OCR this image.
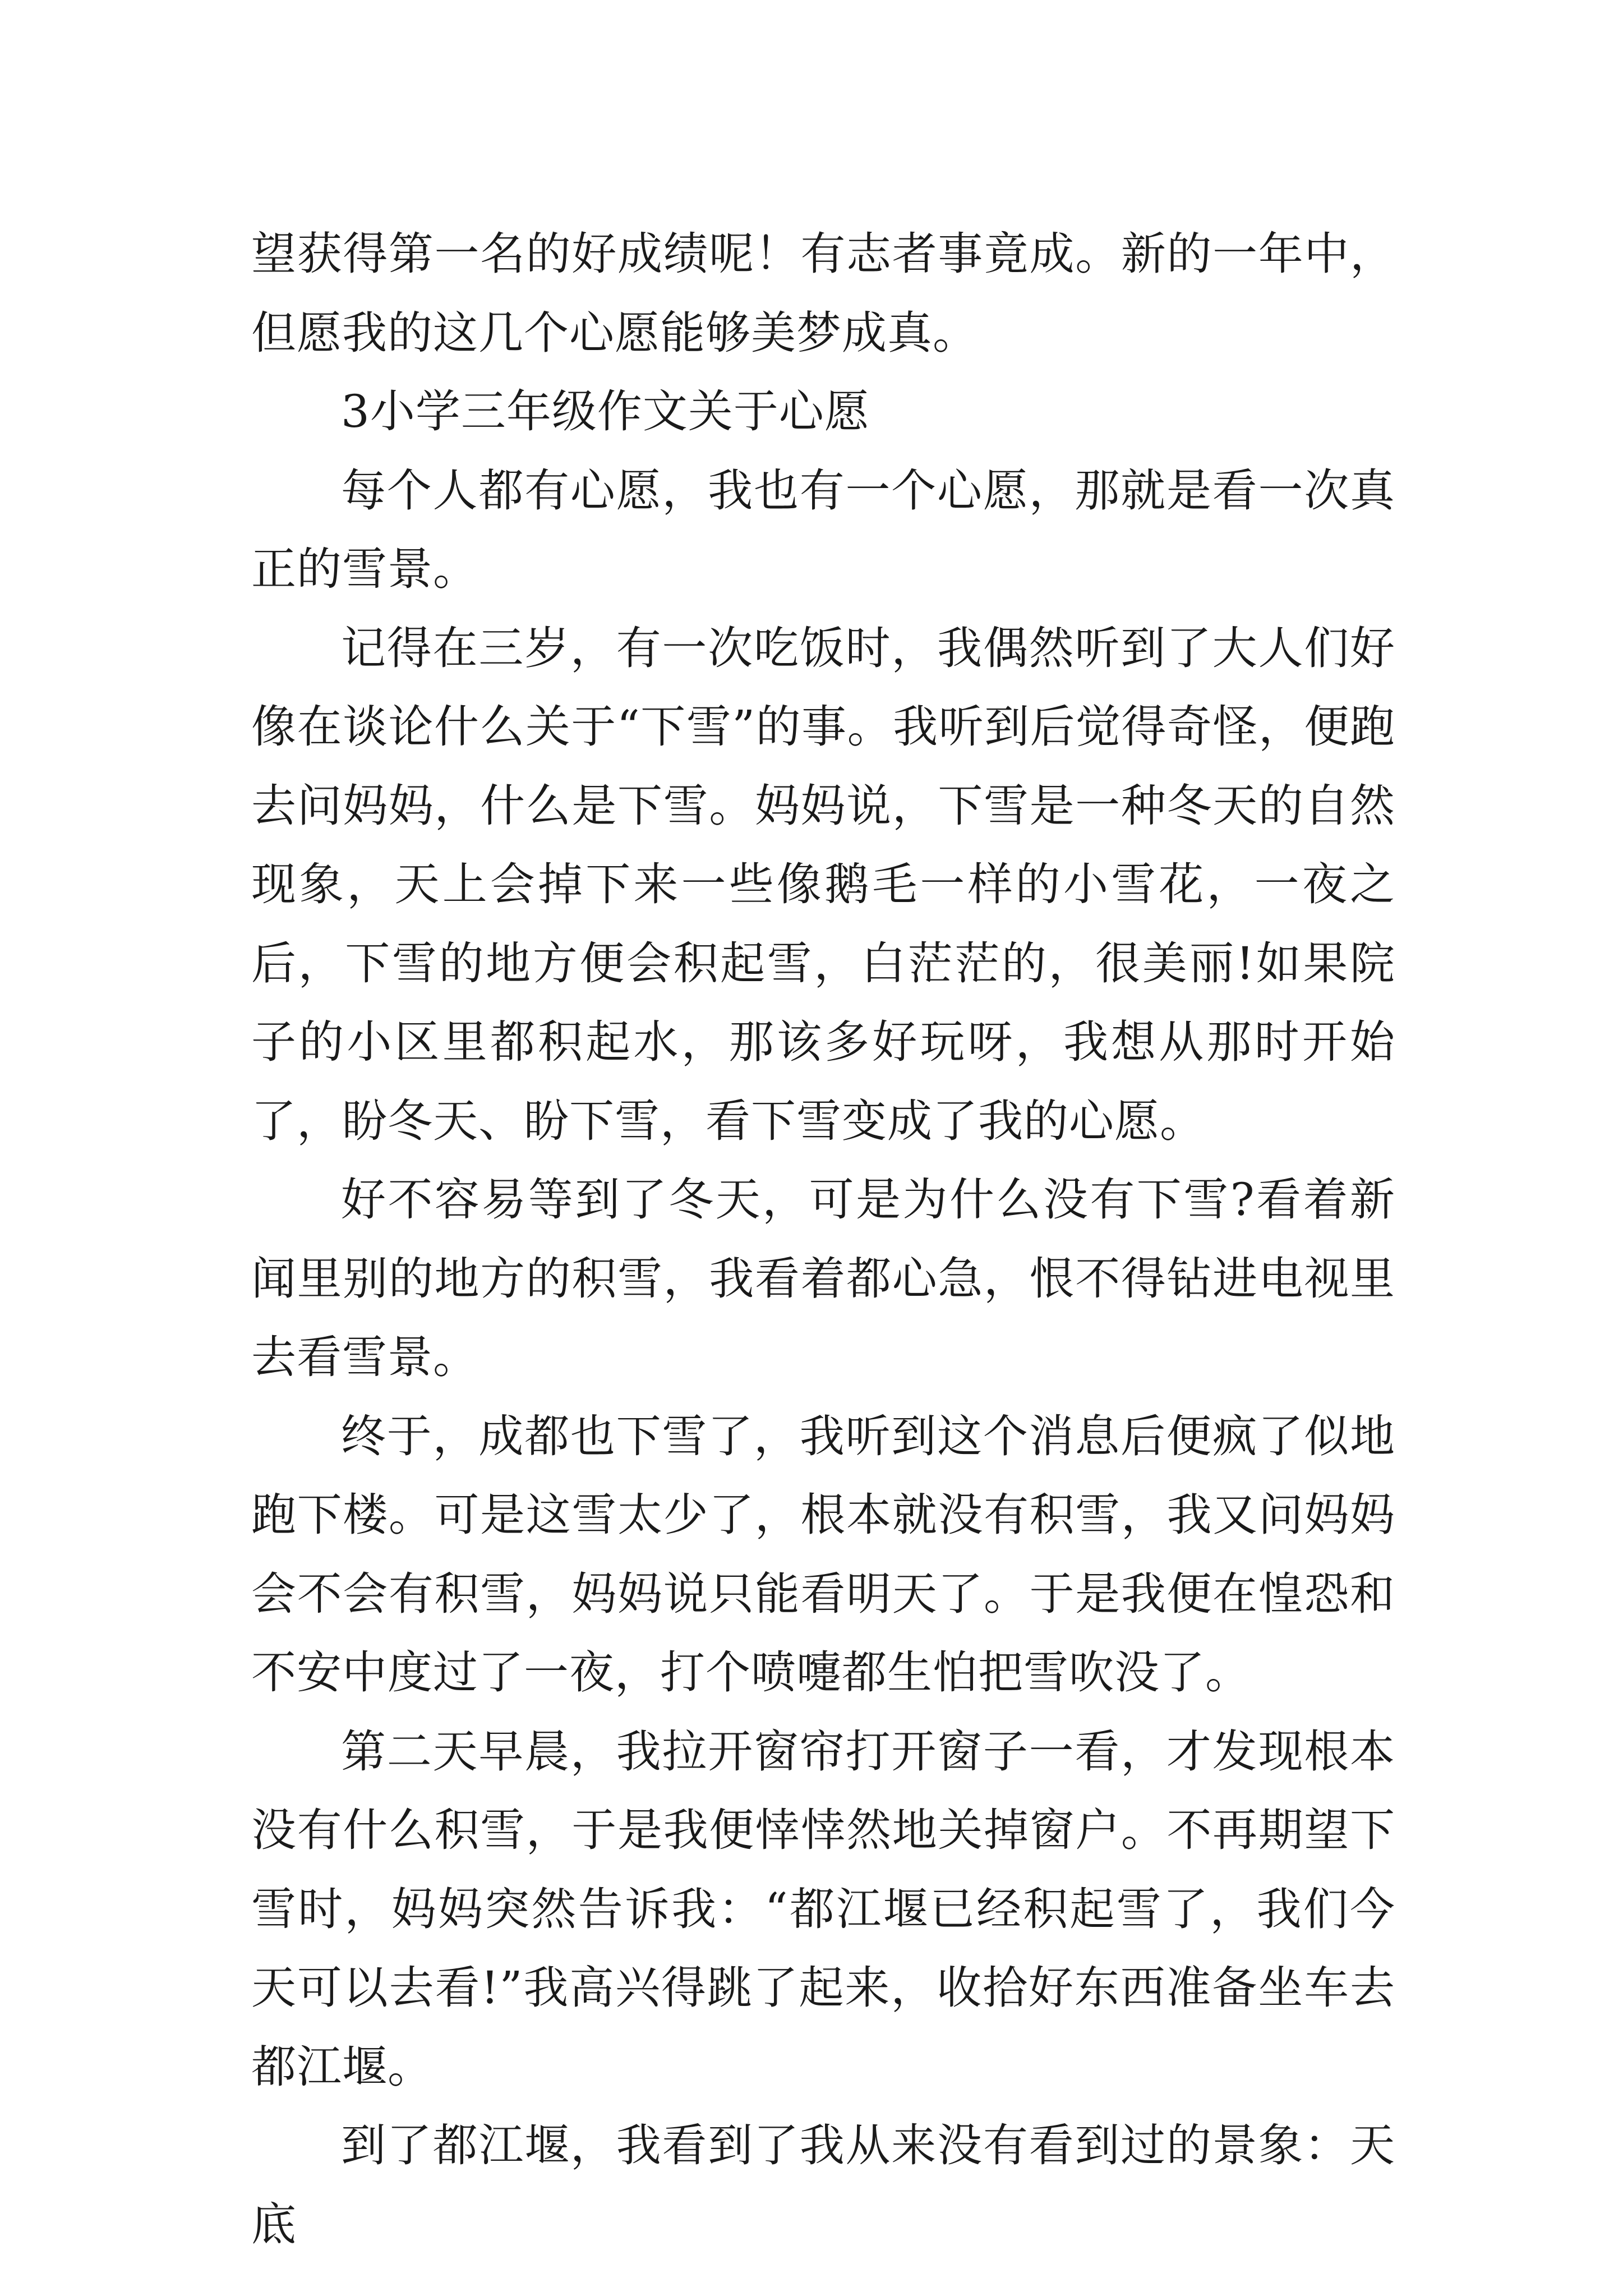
望获得第一名的好成绩呢！有志者事竟成。新的一年中，但愿我的这几个心愿能够美梦成真。

3小学三年级作文关于心愿

每个人都有心愿，我也有一个心愿，那就是看一次真正的雪景。

记得在三岁，有一次吃饭时，我偶然听到了大人们好像在谈论什么关于“下雪”的事。我听到后觉得奇怪，便跑去问妈妈，什么是下雪。妈妈说，下雪是一种冬天的自然现象，天上会掉下来一些像鹅毛一样的小雪花，一夜之后，下雪的地方便会积起雪，白茫茫的，很美丽!如果院子的小区里都积起水，那该多好玩呀，我想从那时开始了，盼冬天、盼下雪，看下雪变成了我的心愿。

好不容易等到了冬天，可是为什么没有下雪?看着新闻里别的地方的积雪，我看着都心急，恨不得钻进电视里去看雪景。

终于，成都也下雪了，我听到这个消息后便疯了似地跑下楼。可是这雪太少了，根本就没有积雪，我又问妈妈会不会有积雪，妈妈说只能看明天了。于是我便在惶恐和不安中度过了一夜，打个喷嚏都生怕把雪吹没了。

第二天早晨，我拉开窗帘打开窗子一看，才发现根本没有什么积雪，于是我便悻悻然地关掉窗户。不再期望下雪时，妈妈突然告诉我：“都江堰已经积起雪了，我们今天可以去看!”我高兴得跳了起来，收拾好东西准备坐车去都江堰。

到了都江堰，我看到了我从来没有看到过的景象：天底
